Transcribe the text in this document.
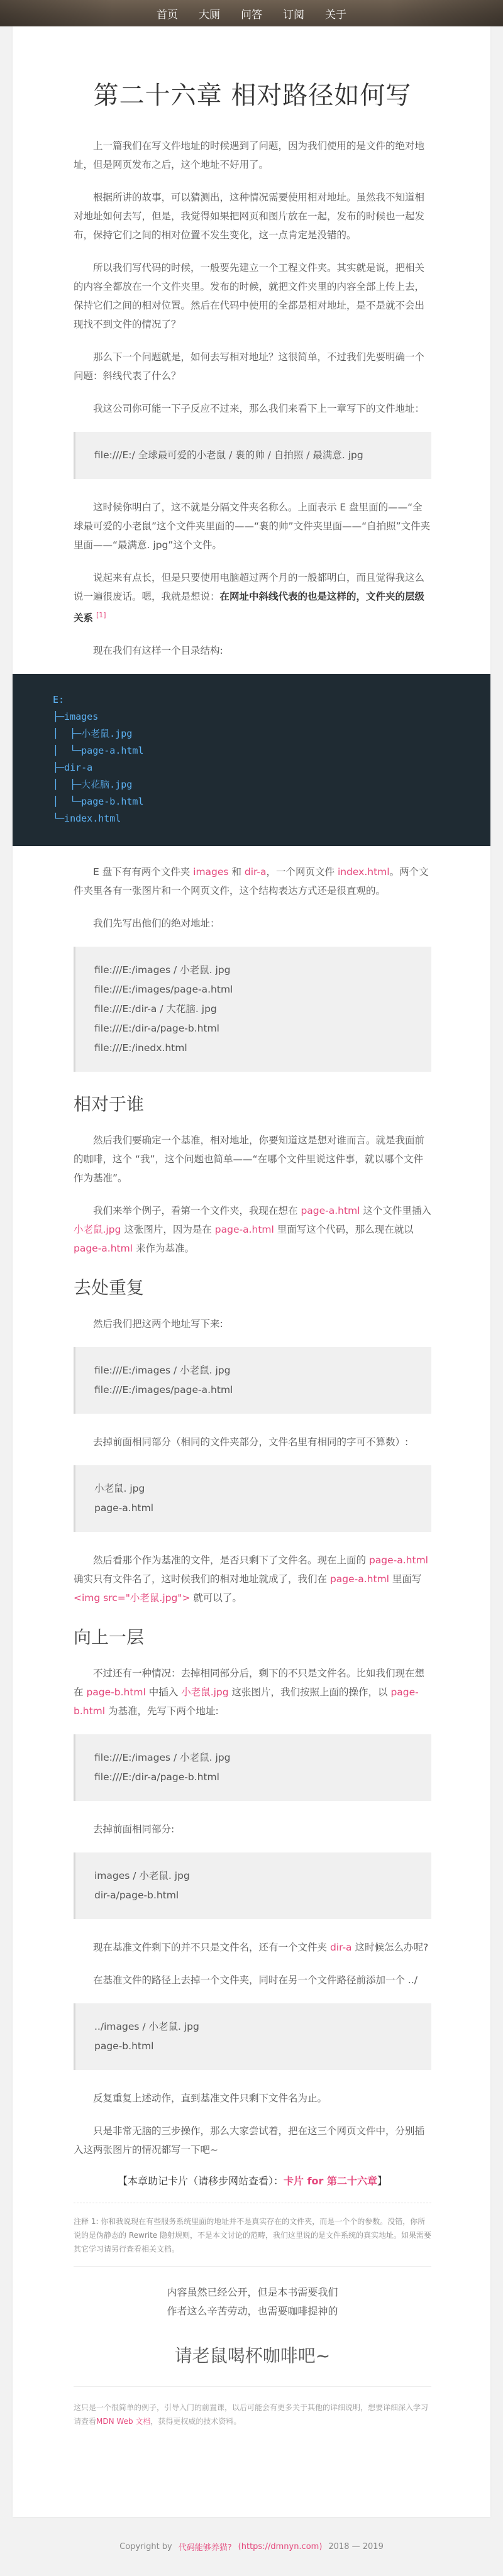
首页 大厕 问答 订阅 关于
第二十六章 相对路径如何写

上一篇我们在写文件地址的时候遇到了问题，因为我们使用的是文件的绝对地址，但是网页发布之后，这个地址不好用了。

根据所讲的故事，可以猜测出，这种情况需要使用相对地址。虽然我不知道相对地址如何去写，但是，我觉得如果把网页和图片放在一起，发布的时候也一起发布，保持它们之间的相对位置不发生变化，这一点肯定是没错的。

所以我们写代码的时候，一般要先建立一个工程文件夹。其实就是说，把相关的内容全都放在一个文件夹里。发布的时候，就把文件夹里的内容全部上传上去，保持它们之间的相对位置。然后在代码中使用的全都是相对地址，是不是就不会出现找不到文件的情况了？

那么下一个问题就是，如何去写相对地址？这很简单，不过我们先要明确一个问题：斜线代表了什么？

我这公司你可能一下子反应不过来，那么我们来看下上一章写下的文件地址：

file:///E:/ 全球最可爱的小老鼠 / 裹的帅 / 自拍照 / 最满意. jpg

这时候你明白了，这不就是分隔文件夹名称么。上面表示 E 盘里面的——“全球最可爱的小老鼠”这个文件夹里面的——“裹的帅”文件夹里面——“自拍照”文件夹里面——“最满意. jpg”这个文件。

说起来有点长，但是只要使用电脑超过两个月的一般都明白，而且觉得我这么说一遍很废话。嗯，我就是想说：在网址中斜线代表的也是这样的，文件夹的层级关系 [1]

现在我们有这样一个目录结构:

E:
├─images
│  ├─小老鼠.jpg
│  └─page-a.html
├─dir-a
│  ├─大花脑.jpg
│  └─page-b.html
└─index.html

E 盘下有有两个文件夹 images 和 dir-a，一个网页文件 index.html。两个文件夹里各有一张图片和一个网页文件，这个结构表达方式还是很直观的。

我们先写出他们的绝对地址：

file:///E:/images / 小老鼠. jpg
file:///E:/images/page-a.html
file:///E:/dir-a / 大花脑. jpg
file:///E:/dir-a/page-b.html
file:///E:/inedx.html
相对于谁

然后我们要确定一个基准，相对地址，你要知道这是想对谁而言。就是我面前的咖啡，这个 “我”，这个问题也简单——“在哪个文件里说这件事，就以哪个文件作为基准”。

我们来举个例子，看第一个文件夹，我现在想在 page-a.html 这个文件里插入 小老鼠.jpg 这张图片，因为是在 page-a.html 里面写这个代码，那么现在就以 page-a.html 来作为基准。

去处重复

然后我们把这两个地址写下来:

file:///E:/images / 小老鼠. jpg
file:///E:/images/page-a.html

去掉前面相同部分（相同的文件夹部分，文件名里有相同的字可不算数）:

小老鼠. jpg
page-a.html

然后看那个作为基准的文件，是否只剩下了文件名。现在上面的 page-a.html 确实只有文件名了，这时候我们的相对地址就成了，我们在 page-a.html 里面写 <img src="小老鼠.jpg"> 就可以了。

向上一层

不过还有一种情况：去掉相同部分后，剩下的不只是文件名。比如我们现在想在 page-b.html 中插入 小老鼠.jpg 这张图片，我们按照上面的操作，以 page-b.html 为基准，先写下两个地址:

file:///E:/images / 小老鼠. jpg
file:///E:/dir-a/page-b.html

去掉前面相同部分:

images / 小老鼠. jpg
dir-a/page-b.html

现在基准文件剩下的并不只是文件名，还有一个文件夹 dir-a 这时候怎么办呢?

在基准文件的路径上去掉一个文件夹，同时在另一个文件路径前添加一个 ../

../images / 小老鼠. jpg
page-b.html

反复重复上述动作，直到基准文件只剩下文件名为止。

只是非常无脑的三步操作，那么大家尝试着，把在这三个网页文件中，分别插入这两张图片的情况都写一下吧~

【本章助记卡片（请移步网站查看）：卡片 for 第二十六章】
注释 1: 你和我说现在有些服务系统里面的地址并不是真实存在的文件夹，而是一个个的参数。没错，你所说的是伪静态的 Rewrite 隐射规则，不是本文讨论的范畴，我们这里说的是文件系统的真实地址。如果需要其它学习请另行查看相关文档。
内容虽然已经公开，但是本书需要我们
作者这么辛苦劳动，也需要咖啡提神的
请老鼠喝杯咖啡吧~
这只是一个很简单的例子，引导入门的前置课，以后可能会有更多关于其他的详细说明，想要详细深入学习请查看MDN Web 文档，获得更权威的技术资料。
Copyright by 代码能够养猫? (https://dmnyn.com) 2018 — 2019
